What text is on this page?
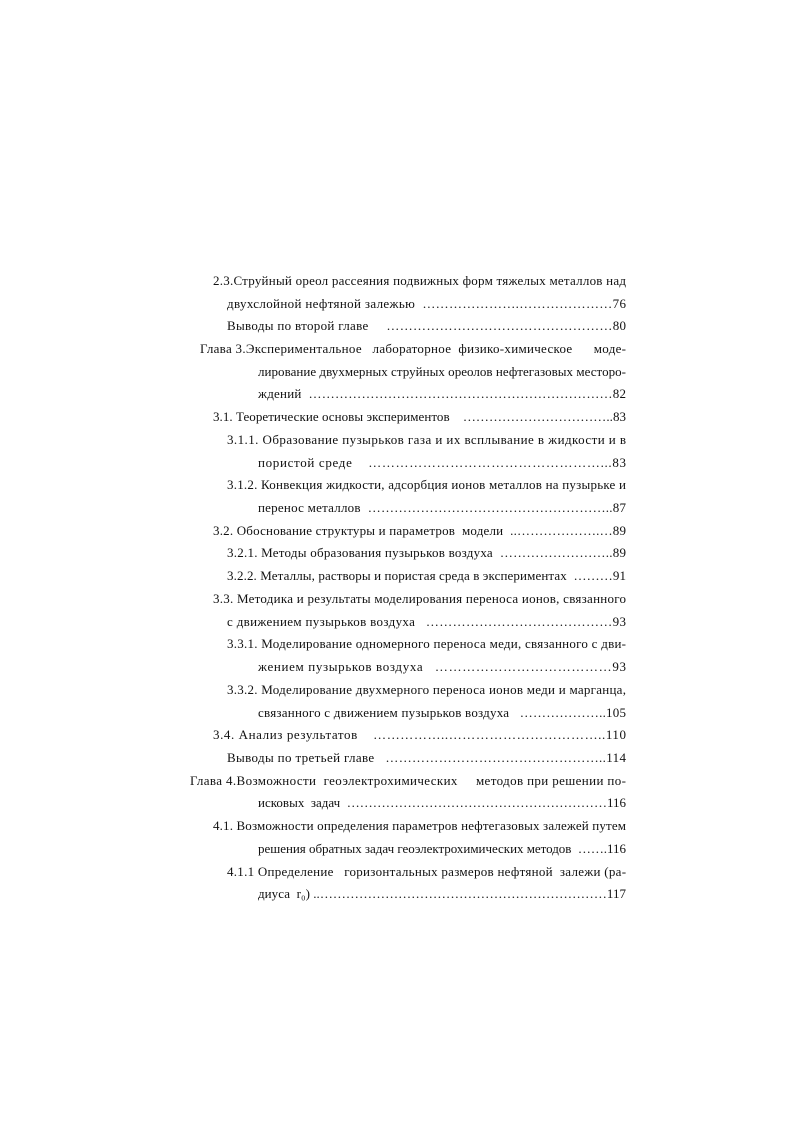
2.3.Струйный ореол рассеяния подвижных форм тяжелых металлов над
двухслойной нефтяной залежью  ………………….…………………76
Выводы по второй главе     ……………………………………………80
Глава 3.Экспериментальное   лабораторное  физико-химическое      моде-
лирование двухмерных струйных ореолов нефтегазовых месторо-
ждений  ……………………………………………………………82
3.1. Теоретические основы экспериментов    ……………………………..83
3.1.1. Образование пузырьков газа и их всплывание в жидкости и в
пористой среде    ……………………………………………...83
3.1.2. Конвекция жидкости, адсорбция ионов металлов на пузырьке и
перенос металлов  ………………………………………………..87
3.2. Обоснование структуры и параметров  модели  ..……………….…89
3.2.1. Методы образования пузырьков воздуха  ……………………..89
3.2.2. Металлы, растворы и пористая среда в экспериментах  ………91
3.3. Методика и результаты моделирования переноса ионов, связанного
с движением пузырьков воздуха   ……………………………………93
3.3.1. Моделирование одномерного переноса меди, связанного с дви-
жением пузырьков воздуха   …………………………………93
3.3.2. Моделирование двухмерного переноса ионов меди и марганца,
связанного с движением пузырьков воздуха   ………………..105
3.4. Анализ результатов    ……………..……………………………..110
Выводы по третьей главе   …………………………………………..114
Глава 4.Возможности  геоэлектрохимических     методов при решении по-
исковых  задач  ……………………………………………………116
4.1. Возможности определения параметров нефтегазовых залежей путем
решения обратных задач геоэлектрохимических методов  …….116
4.1.1 Определение   горизонтальных размеров нефтяной  залежи (ра-
диуса  r₀) ..…………………………………………………………117
